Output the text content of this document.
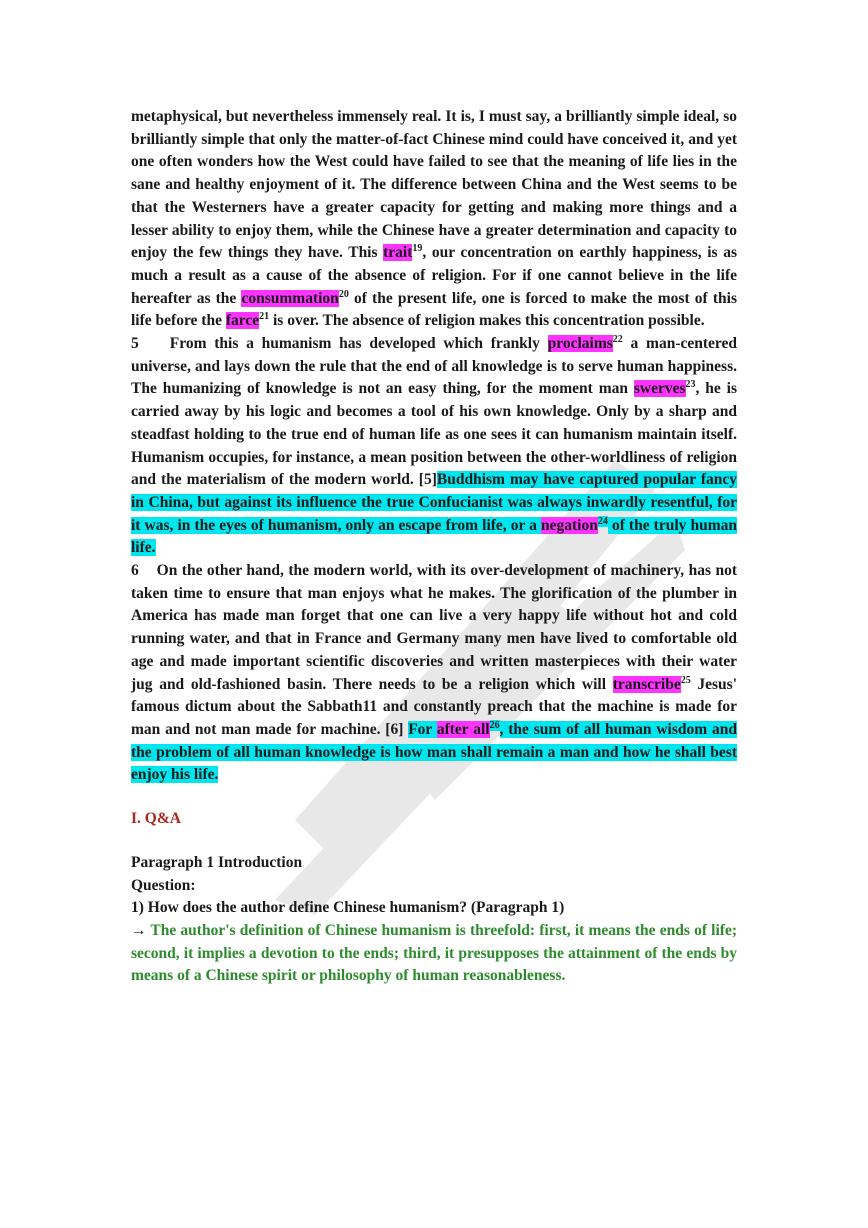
metaphysical, but nevertheless immensely real. It is, I must say, a brilliantly simple ideal, so brilliantly simple that only the matter-of-fact Chinese mind could have conceived it, and yet one often wonders how the West could have failed to see that the meaning of life lies in the sane and healthy enjoyment of it. The difference between China and the West seems to be that the Westerners have a greater capacity for getting and making more things and a lesser ability to enjoy them, while the Chinese have a greater determination and capacity to enjoy the few things they have. This trait$^{19}$, our concentration on earthly happiness, is as much a result as a cause of the absence of religion. For if one cannot believe in the life hereafter as the consummation$^{20}$ of the present life, one is forced to make the most of this life before the farce$^{21}$ is over. The absence of religion makes this concentration possible.

5 From this a humanism has developed which frankly proclaims$^{22}$ a man-centered universe, and lays down the rule that the end of all knowledge is to serve human happiness. The humanizing of knowledge is not an easy thing, for the moment man swerves$^{23}$, he is carried away by his logic and becomes a tool of his own knowledge. Only by a sharp and steadfast holding to the true end of human life as one sees it can humanism maintain itself. Humanism occupies, for instance, a mean position between the other-worldliness of religion and the materialism of the modern world. [5]Buddhism may have captured popular fancy in China, but against its influence the true Confucianist was always inwardly resentful, for it was, in the eyes of humanism, only an escape from life, or a negation$^{24}$ of the truly human life.

6 On the other hand, the modern world, with its over-development of machinery, has not taken time to ensure that man enjoys what he makes. The glorification of the plumber in America has made man forget that one can live a very happy life without hot and cold running water, and that in France and Germany many men have lived to comfortable old age and made important scientific discoveries and written masterpieces with their water jug and old-fashioned basin. There needs to be a religion which will transcribe$^{25}$ Jesus' famous dictum about the Sabbath11 and constantly preach that the machine is made for man and not man made for machine. [6] For after all$^{26}$, the sum of all human wisdom and the problem of all human knowledge is how man shall remain a man and how he shall best enjoy his life.

I. Q&A

Paragraph 1 Introduction

Question:

1) How does the author define Chinese humanism? (Paragraph 1)

→ The author's definition of Chinese humanism is threefold: first, it means the ends of life; second, it implies a devotion to the ends; third, it presupposes the attainment of the ends by means of a Chinese spirit or philosophy of human reasonableness.
